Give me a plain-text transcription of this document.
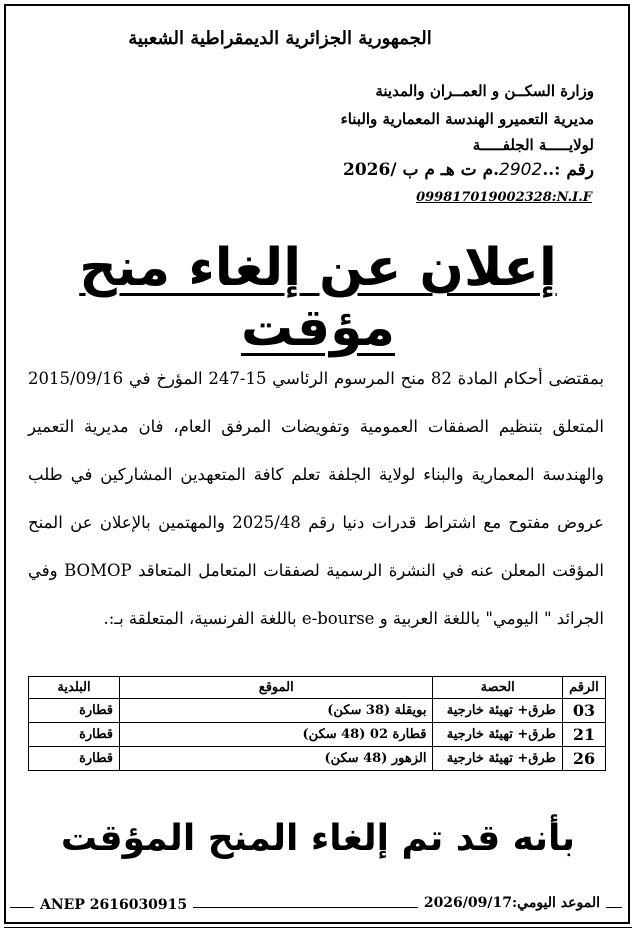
الجمهورية الجزائرية الديمقراطية الشعبية
وزارة السكــن و العمــران والمدينة
مديرية التعميرو الهندسة المعمارية والبناء
لولايـــــة الجلفـــــة
رقم :..2902.م ت هـ م ب /2026
099817019002328:N.I.F
إعلان عن إلغاء منح مؤقت
بمقتضى أحكام المادة 82 منح المرسوم الرئاسي 15-247 المؤرخ في 2015/09/16 المتعلق بتنظيم الصفقات العمومية وتفويضات المرفق العام، فان مديرية التعمير والهندسة المعمارية والبناء لولاية الجلفة تعلم كافة المتعهدين المشاركين في طلب عروض مفتوح مع اشتراط قدرات دنيا رقم 2025/48 والمهتمين بالإعلان عن المنح المؤقت المعلن عنه في النشرة الرسمية لصفقات المتعامل المتعاقد BOMOP وفي الجرائد " اليومي" باللغة العربية و e-bourse باللغة الفرنسية، المتعلقة بـ:.
الرقم	الحصة	الموقع	البلدية
03	طرق+ تهيئة خارجية	بويقلة (38 سكن)	قطارة
21	طرق+ تهيئة خارجية	قطارة 02 (48 سكن)	قطارة
26	طرق+ تهيئة خارجية	الزهور (48 سكن)	قطارة
بأنه قد تم إلغاء المنح المؤقت
ANEP 2616030915	الموعد اليومي:2026/09/17
